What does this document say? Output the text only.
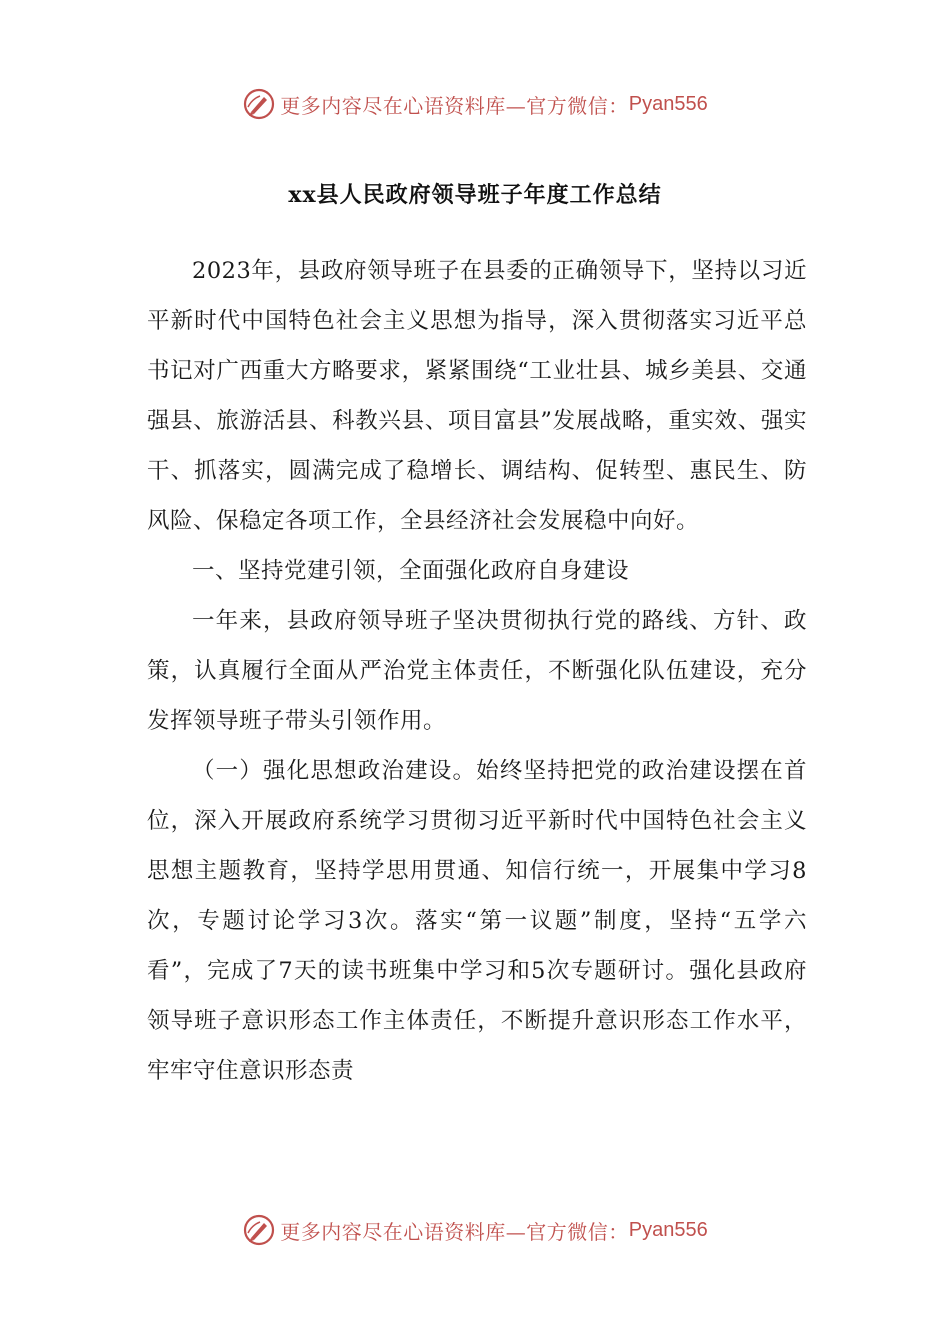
更多内容尽在心语资料库—官方微信： Pyan556
xx县人民政府领导班子年度工作总结

2023年，县政府领导班子在县委的正确领导下，坚持以习近平新时代中国特色社会主义思想为指导，深入贯彻落实习近平总书记对广西重大方略要求，紧紧围绕“工业壮县、城乡美县、交通强县、旅游活县、科教兴县、项目富县”发展战略，重实效、强实干、抓落实，圆满完成了稳增长、调结构、促转型、惠民生、防风险、保稳定各项工作，全县经济社会发展稳中向好。

一、坚持党建引领，全面强化政府自身建设

一年来，县政府领导班子坚决贯彻执行党的路线、方针、政策，认真履行全面从严治党主体责任，不断强化队伍建设，充分发挥领导班子带头引领作用。

（一）强化思想政治建设。始终坚持把党的政治建设摆在首位，深入开展政府系统学习贯彻习近平新时代中国特色社会主义思想主题教育，坚持学思用贯通、知信行统一，开展集中学习8次，专题讨论学习3次。落实“第一议题”制度，坚持“五学六看”，完成了7天的读书班集中学习和5次专题研讨。强化县政府领导班子意识形态工作主体责任，不断提升意识形态工作水平，牢牢守住意识形态责

更多内容尽在心语资料库—官方微信： Pyan556
